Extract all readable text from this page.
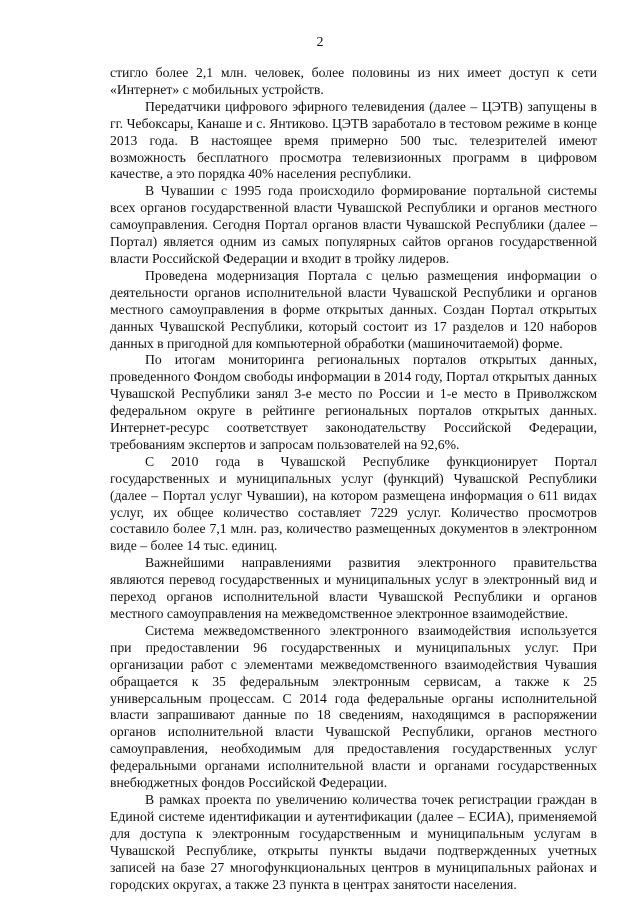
2

стигло более 2,1 млн. человек, более половины из них имеет доступ к сети «Интернет» с мобильных устройств.

Передатчики цифрового эфирного телевидения (далее – ЦЭТВ) запущены в гг. Чебоксары, Канаше и с. Янтиково. ЦЭТВ заработало в тестовом режиме в конце 2013 года. В настоящее время примерно 500 тыс. телезрителей имеют возможность бесплатного просмотра телевизионных программ в цифровом качестве, а это порядка 40% населения республики.

В Чувашии с 1995 года происходило формирование портальной системы всех органов государственной власти Чувашской Республики и органов местного самоуправления. Сегодня Портал органов власти Чувашской Республики (далее – Портал) является одним из самых популярных сайтов органов государственной власти Российской Федерации и входит в тройку лидеров.

Проведена модернизация Портала с целью размещения информации о деятельности органов исполнительной власти Чувашской Республики и органов местного самоуправления в форме открытых данных. Создан Портал открытых данных Чувашской Республики, который состоит из 17 разделов и 120 наборов данных в пригодной для компьютерной обработки (машиночитаемой) форме.

По итогам мониторинга региональных порталов открытых данных, проведенного Фондом свободы информации в 2014 году, Портал открытых данных Чувашской Республики занял 3-е место по России и 1-е место в Приволжском федеральном округе в рейтинге региональных порталов открытых данных. Интернет-ресурс соответствует законодательству Российской Федерации, требованиям экспертов и запросам пользователей на 92,6%.

С 2010 года в Чувашской Республике функционирует Портал государственных и муниципальных услуг (функций) Чувашской Республики (далее – Портал услуг Чувашии), на котором размещена информация о 611 видах услуг, их общее количество составляет 7229 услуг. Количество просмотров составило более 7,1 млн. раз, количество размещенных документов в электронном виде – более 14 тыс. единиц.

Важнейшими направлениями развития электронного правительства являются перевод государственных и муниципальных услуг в электронный вид и переход органов исполнительной власти Чувашской Республики и органов местного самоуправления на межведомственное электронное взаимодействие.

Система межведомственного электронного взаимодействия используется при предоставлении 96 государственных и муниципальных услуг. При организации работ с элементами межведомственного взаимодействия Чувашия обращается к 35 федеральным электронным сервисам, а также к 25 универсальным процессам. С 2014 года федеральные органы исполнительной власти запрашивают данные по 18 сведениям, находящимся в распоряжении органов исполнительной власти Чувашской Республики, органов местного самоуправления, необходимым для предоставления государственных услуг федеральными органами исполнительной власти и органами государственных внебюджетных фондов Российской Федерации.

В рамках проекта по увеличению количества точек регистрации граждан в Единой системе идентификации и аутентификации (далее – ЕСИА), применяемой для доступа к электронным государственным и муниципальным услугам в Чувашской Республике, открыты пункты выдачи подтвержденных учетных записей на базе 27 многофункциональных центров в муниципальных районах и городских округах, а также 23 пункта в центрах занятости населения.
